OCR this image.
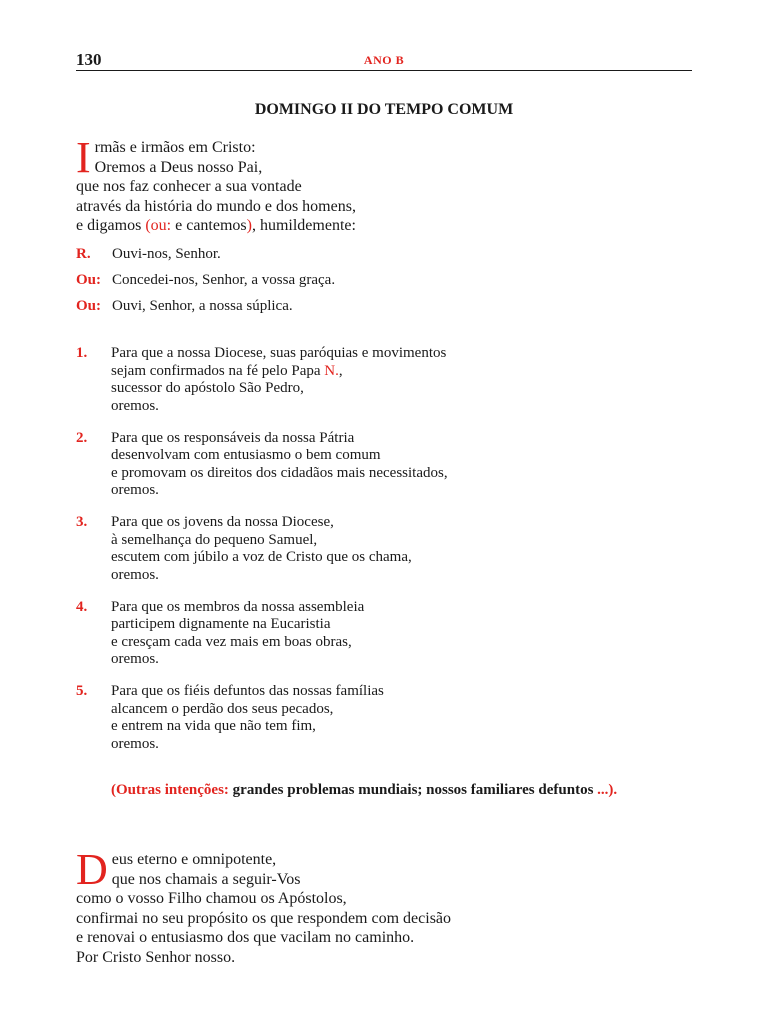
130	ANO B
DOMINGO II DO TEMPO COMUM
I rmãs e irmãos em Cristo:
Oremos a Deus nosso Pai,
que nos faz conhecer a sua vontade
através da história do mundo e dos homens,
e digamos (ou: e cantemos), humildemente:
R. Ouvi-nos, Senhor.
Ou: Concedei-nos, Senhor, a vossa graça.
Ou: Ouvi, Senhor, a nossa súplica.
1. Para que a nossa Diocese, suas paróquias e movimentos
sejam confirmados na fé pelo Papa N.,
sucessor do apóstolo São Pedro,
oremos.
2. Para que os responsáveis da nossa Pátria
desenvolvam com entusiasmo o bem comum
e promovam os direitos dos cidadãos mais necessitados,
oremos.
3. Para que os jovens da nossa Diocese,
à semelhança do pequeno Samuel,
escutem com júbilo a voz de Cristo que os chama,
oremos.
4. Para que os membros da nossa assembleia
participem dignamente na Eucaristia
e cresçam cada vez mais em boas obras,
oremos.
5. Para que os fiéis defuntos das nossas famílias
alcancem o perdão dos seus pecados,
e entrem na vida que não tem fim,
oremos.
(Outras intenções: grandes problemas mundiais; nossos familiares defuntos ...).
D eus eterno e omnipotente,
que nos chamais a seguir-Vos
como o vosso Filho chamou os Apóstolos,
confirmai no seu propósito os que respondem com decisão
e renovai o entusiasmo dos que vacilam no caminho.
Por Cristo Senhor nosso.
